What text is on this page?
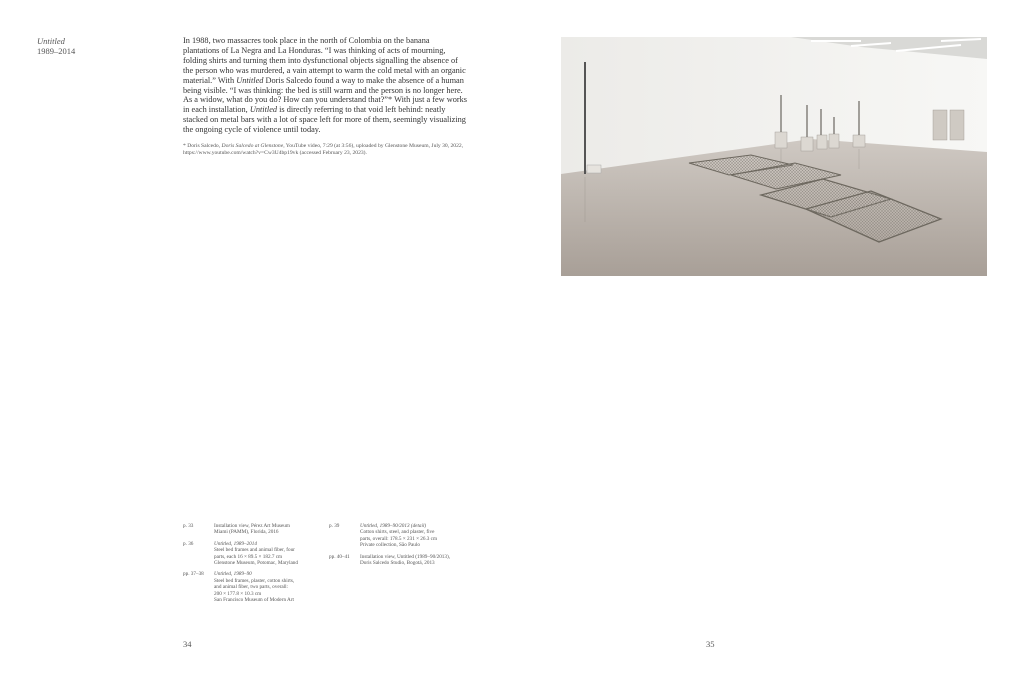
Untitled
1989–2014

In 1988, two massacres took place in the north of Colombia on the banana plantations of La Negra and La Honduras. “I was thinking of acts of mourning, folding shirts and turning them into dysfunctional objects signalling the absence of the person who was murdered, a vain attempt to warm the cold metal with an organic material.” With Untitled Doris Salcedo found a way to make the absence of a human being visible. “I was thinking: the bed is still warm and the person is no longer here. As a widow, what do you do? How can you understand that?”* With just a few works in each installation, Untitled is directly referring to that void left behind: neatly stacked on metal bars with a lot of space left for more of them, seemingly visualizing the ongoing cycle of violence until today.

* Doris Salcedo, Doris Salcedo at Glenstone, YouTube video, 7:29 (at 3:56), uploaded by Glenstone Museum, July 30, 2022, https://www.youtube.com/watch?v=Cw3U4bp19vk (accessed February 23, 2023).
p. 33	Installation view, Pérez Art Museum
Miami (PAMM), Florida, 2016
p. 36	Untitled, 1989–2014
Steel bed frames and animal fiber, four
parts, each 16 × 89.5 × 182.7 cm
Glenstone Museum, Potomac, Maryland
pp. 37–38	Untitled, 1989–90
Steel bed frames, plaster, cotton shirts,
and animal fiber, two parts, overall:
200 × 177.8 × 10.3 cm
San Francisco Museum of Modern Art
p. 39	Untitled, 1989–90/2013 (detail)
Cotton shirts, steel, and plaster, five
parts, overall: 178.5 × 231 × 26.3 cm
Private collection, São Paulo
pp. 40–41	Installation view, Untitled (1989–90/2013),
Doris Salcedo Studio, Bogotá, 2013
34	35
